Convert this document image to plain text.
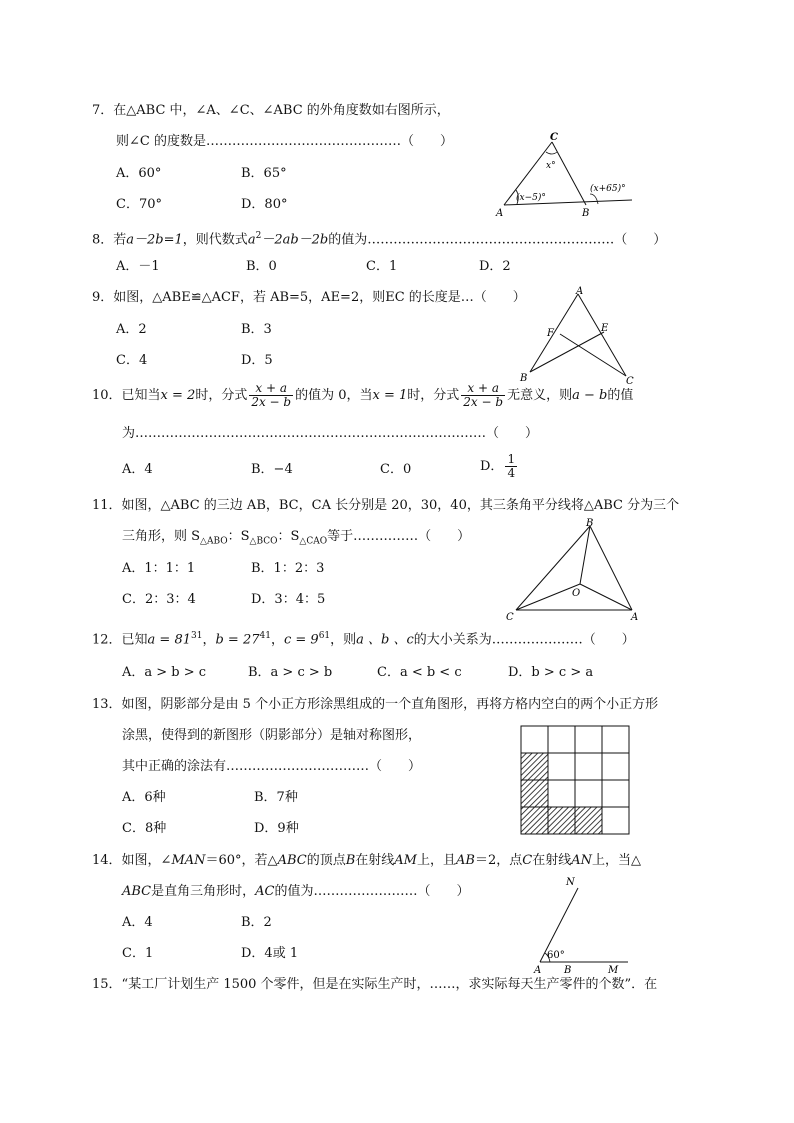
7．在△ABC 中，∠A、∠C、∠ABC 的外角度数如右图所示，
则∠C 的度数是………………………………………（　　）
A．60°	B．65°
C．70°	D．80°
C
x°
(x−5)°
(x+65)°
A	B
8．若a－2b=1，则代数式$a^2-2ab-2b$的值为…………………………………………………（　　）
A．－1	B．0	C．1	D．2
9．如图，△ABE≌△ACF，若 AB=5，AE=2，则EC 的长度是…（　　）
A．2	B．3
C．4	D．5
A
F	E
B	C
10．已知当x = 2时，分式 $\frac{x + a}{2x - b}$ 的值为 0，当x = 1时，分式 $\frac{x + a}{2x - b}$ 无意义，则a − b的值
为………………………………………………………………………（　　）
A．4	B．−4	C．0	D． $\frac{1}{4}$
11．如图，△ABC 的三边 AB，BC，CA 长分别是 20，30，40，其三条角平分线将△ABC 分为三个
三角形，则 $S_{\triangle ABO}$：$S_{\triangle BCO}$：$S_{\triangle CAO}$等于……………（　　）
A．1：1：1	B．1：2：3
C．2：3：4	D．3：4：5
B
O
C	A
12．已知$a = 81^{31}$，$b = 27^{41}$，$c = 9^{61}$，则a 、b 、c的大小关系为…………………（　　）
A．a > b > c	B．a > c > b	C．a < b < c	D．b > c > a
13．如图，阴影部分是由 5 个小正方形涂黑组成的一个直角图形，再将方格内空白的两个小正方形
涂黑，使得到的新图形（阴影部分）是轴对称图形，
其中正确的涂法有……………………………（　　）
A．6种	B．7种
C．8种	D．9种
14．如图，∠MAN＝60°，若△ABC的顶点B在射线AM上，且AB＝2，点C在射线AN上，当△
ABC是直角三角形时，AC的值为……………………（　　）
A．4	B．2
C．1	D．4或 1
N
60°
A B	M
15．“某工厂计划生产 1500 个零件，但是在实际生产时，……，求实际每天生产零件的个数”．在
